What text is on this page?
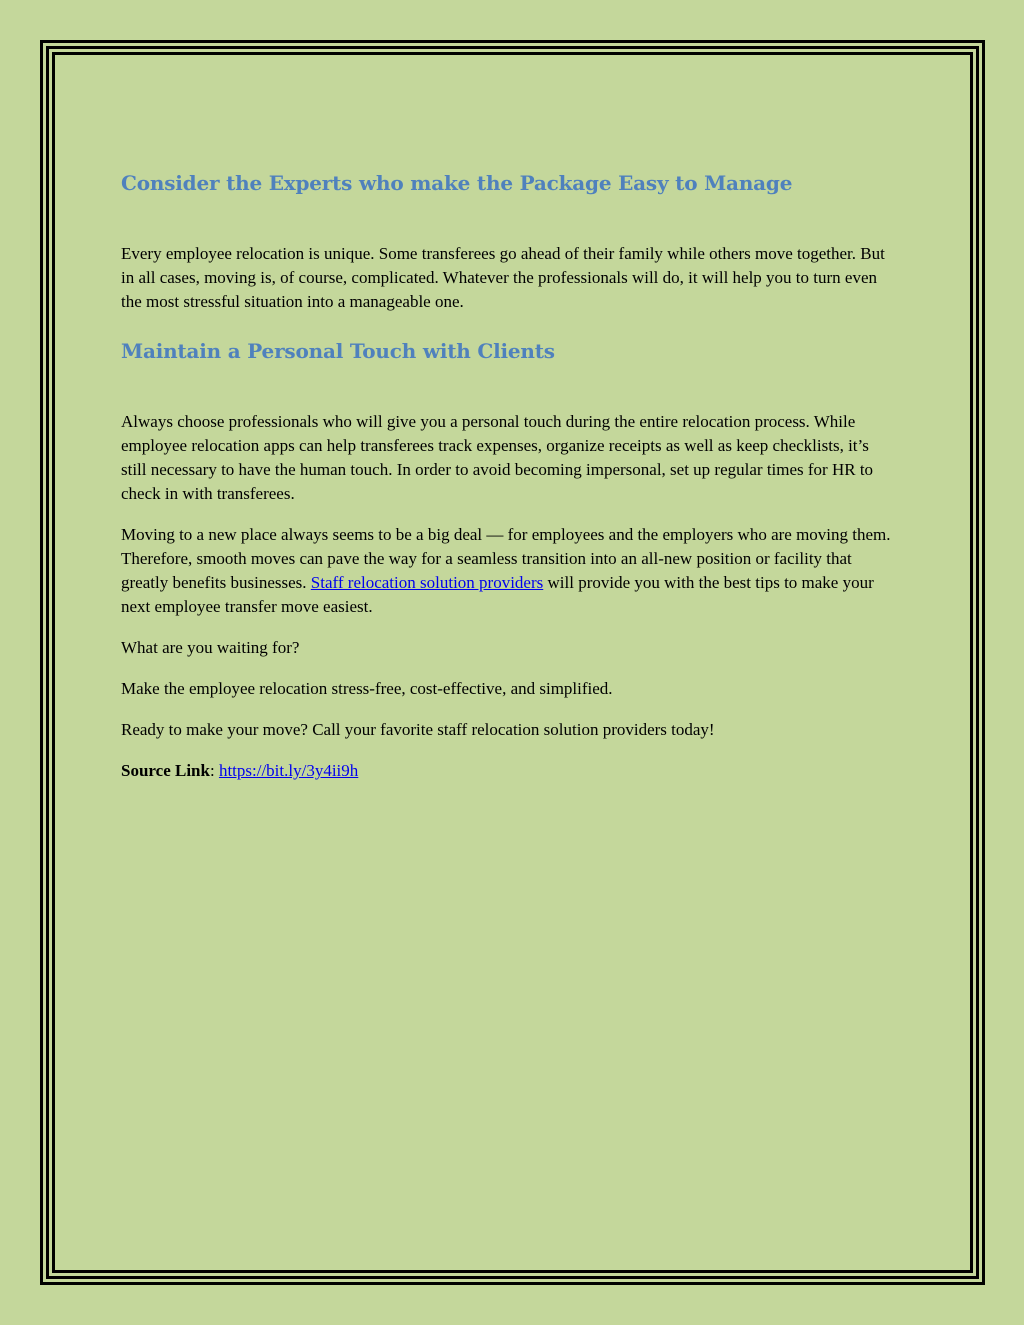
Consider the Experts who make the Package Easy to Manage

Every employee relocation is unique. Some transferees go ahead of their family while others move together. But in all cases, moving is, of course, complicated. Whatever the professionals will do, it will help you to turn even the most stressful situation into a manageable one.

Maintain a Personal Touch with Clients

Always choose professionals who will give you a personal touch during the entire relocation process. While employee relocation apps can help transferees track expenses, organize receipts as well as keep checklists, it’s still necessary to have the human touch. In order to avoid becoming impersonal, set up regular times for HR to check in with transferees.

Moving to a new place always seems to be a big deal — for employees and the employers who are moving them. Therefore, smooth moves can pave the way for a seamless transition into an all-new position or facility that greatly benefits businesses. Staff relocation solution providers will provide you with the best tips to make your next employee transfer move easiest.

What are you waiting for?

Make the employee relocation stress-free, cost-effective, and simplified.

Ready to make your move? Call your favorite staff relocation solution providers today!

Source Link: https://bit.ly/3y4ii9h
